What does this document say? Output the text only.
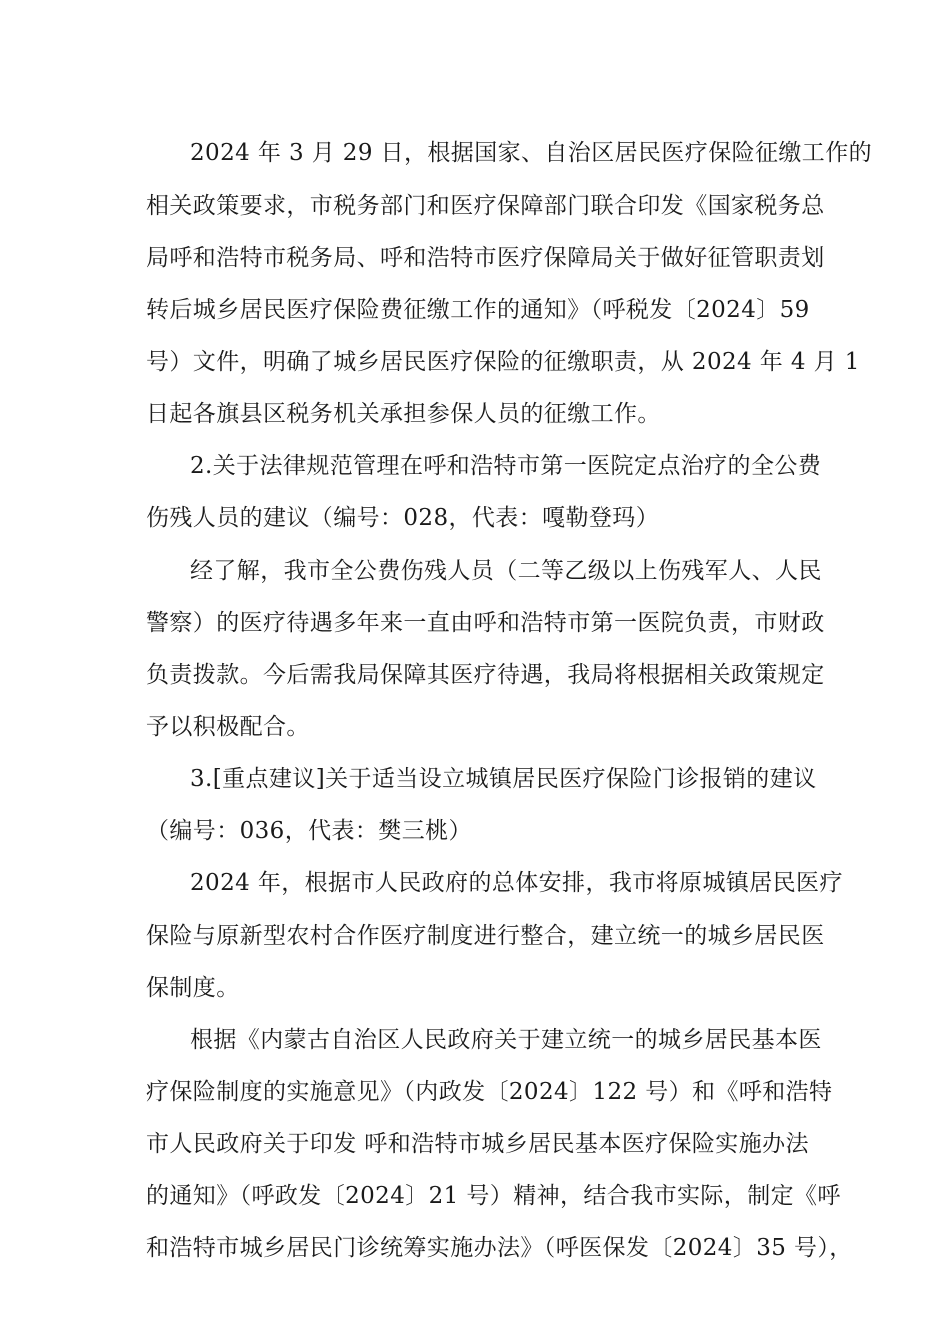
2024 年 3 月 29 日，根据国家、自治区居民医疗保险征缴工作的
相关政策要求，市税务部门和医疗保障部门联合印发《国家税务总
局呼和浩特市税务局、呼和浩特市医疗保障局关于做好征管职责划
转后城乡居民医疗保险费征缴工作的通知》（呼税发〔2024〕59
号）文件，明确了城乡居民医疗保险的征缴职责，从 2024 年 4 月 1
日起各旗县区税务机关承担参保人员的征缴工作。
2.关于法律规范管理在呼和浩特市第一医院定点治疗的全公费
伤残人员的建议（编号：028，代表：嘎勒登玛）
经了解，我市全公费伤残人员（二等乙级以上伤残军人、人民
警察）的医疗待遇多年来一直由呼和浩特市第一医院负责，市财政
负责拨款。今后需我局保障其医疗待遇，我局将根据相关政策规定
予以积极配合。
3.[重点建议]关于适当设立城镇居民医疗保险门诊报销的建议
（编号：036，代表：樊三桃）
2024 年，根据市人民政府的总体安排，我市将原城镇居民医疗
保险与原新型农村合作医疗制度进行整合，建立统一的城乡居民医
保制度。
根据《内蒙古自治区人民政府关于建立统一的城乡居民基本医
疗保险制度的实施意见》（内政发〔2024〕122 号）和《呼和浩特
市人民政府关于印发 呼和浩特市城乡居民基本医疗保险实施办法
的通知》（呼政发〔2024〕21 号）精神，结合我市实际，制定《呼
和浩特市城乡居民门诊统筹实施办法》（呼医保发〔2024〕35 号），
